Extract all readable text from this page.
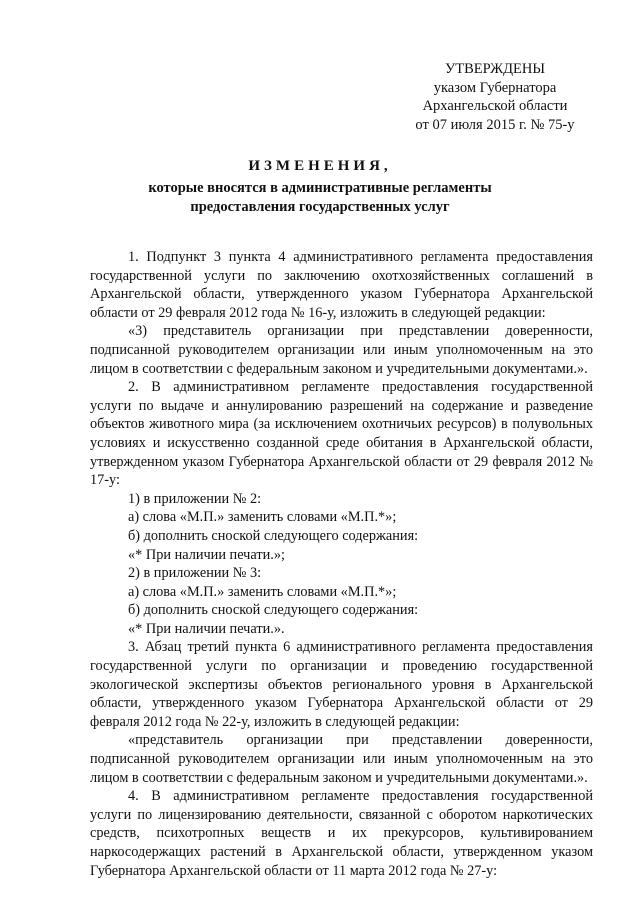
УТВЕРЖДЕНЫ
указом Губернатора
Архангельской области
от 07 июля 2015 г. № 75-у
ИЗМЕНЕНИЯ,
которые вносятся в административные регламенты
предоставления государственных услуг

1. Подпункт 3 пункта 4 административного регламента предоставления государственной услуги по заключению охотхозяйственных соглашений в Архангельской области, утвержденного указом Губернатора Архангельской области от 29 февраля 2012 года № 16-у, изложить в следующей редакции:

«3) представитель организации при представлении доверенности, подписанной руководителем организации или иным уполномоченным на это лицом в соответствии с федеральным законом и учредительными документами.».

2. В административном регламенте предоставления государственной услуги по выдаче и аннулированию разрешений на содержание и разведение объектов животного мира (за исключением охотничьих ресурсов) в полувольных условиях и искусственно созданной среде обитания в Архангельской области, утвержденном указом Губернатора Архангельской области от 29 февраля 2012 № 17-у:

1) в приложении № 2:

а) слова «М.П.» заменить словами «М.П.*»;

б) дополнить сноской следующего содержания:

«* При наличии печати.»;

2) в приложении № 3:

а) слова «М.П.» заменить словами «М.П.*»;

б) дополнить сноской следующего содержания:

«* При наличии печати.».

3. Абзац третий пункта 6 административного регламента предоставления государственной услуги по организации и проведению государственной экологической экспертизы объектов регионального уровня в Архангельской области, утвержденного указом Губернатора Архангельской области от 29 февраля 2012 года № 22-у, изложить в следующей редакции:

«представитель организации при представлении доверенности, подписанной руководителем организации или иным уполномоченным на это лицом в соответствии с федеральным законом и учредительными документами.».

4. В административном регламенте предоставления государственной услуги по лицензированию деятельности, связанной с оборотом наркотических средств, психотропных веществ и их прекурсоров, культивированием наркосодержащих растений в Архангельской области, утвержденном указом Губернатора Архангельской области от 11 марта 2012 года № 27-у:
